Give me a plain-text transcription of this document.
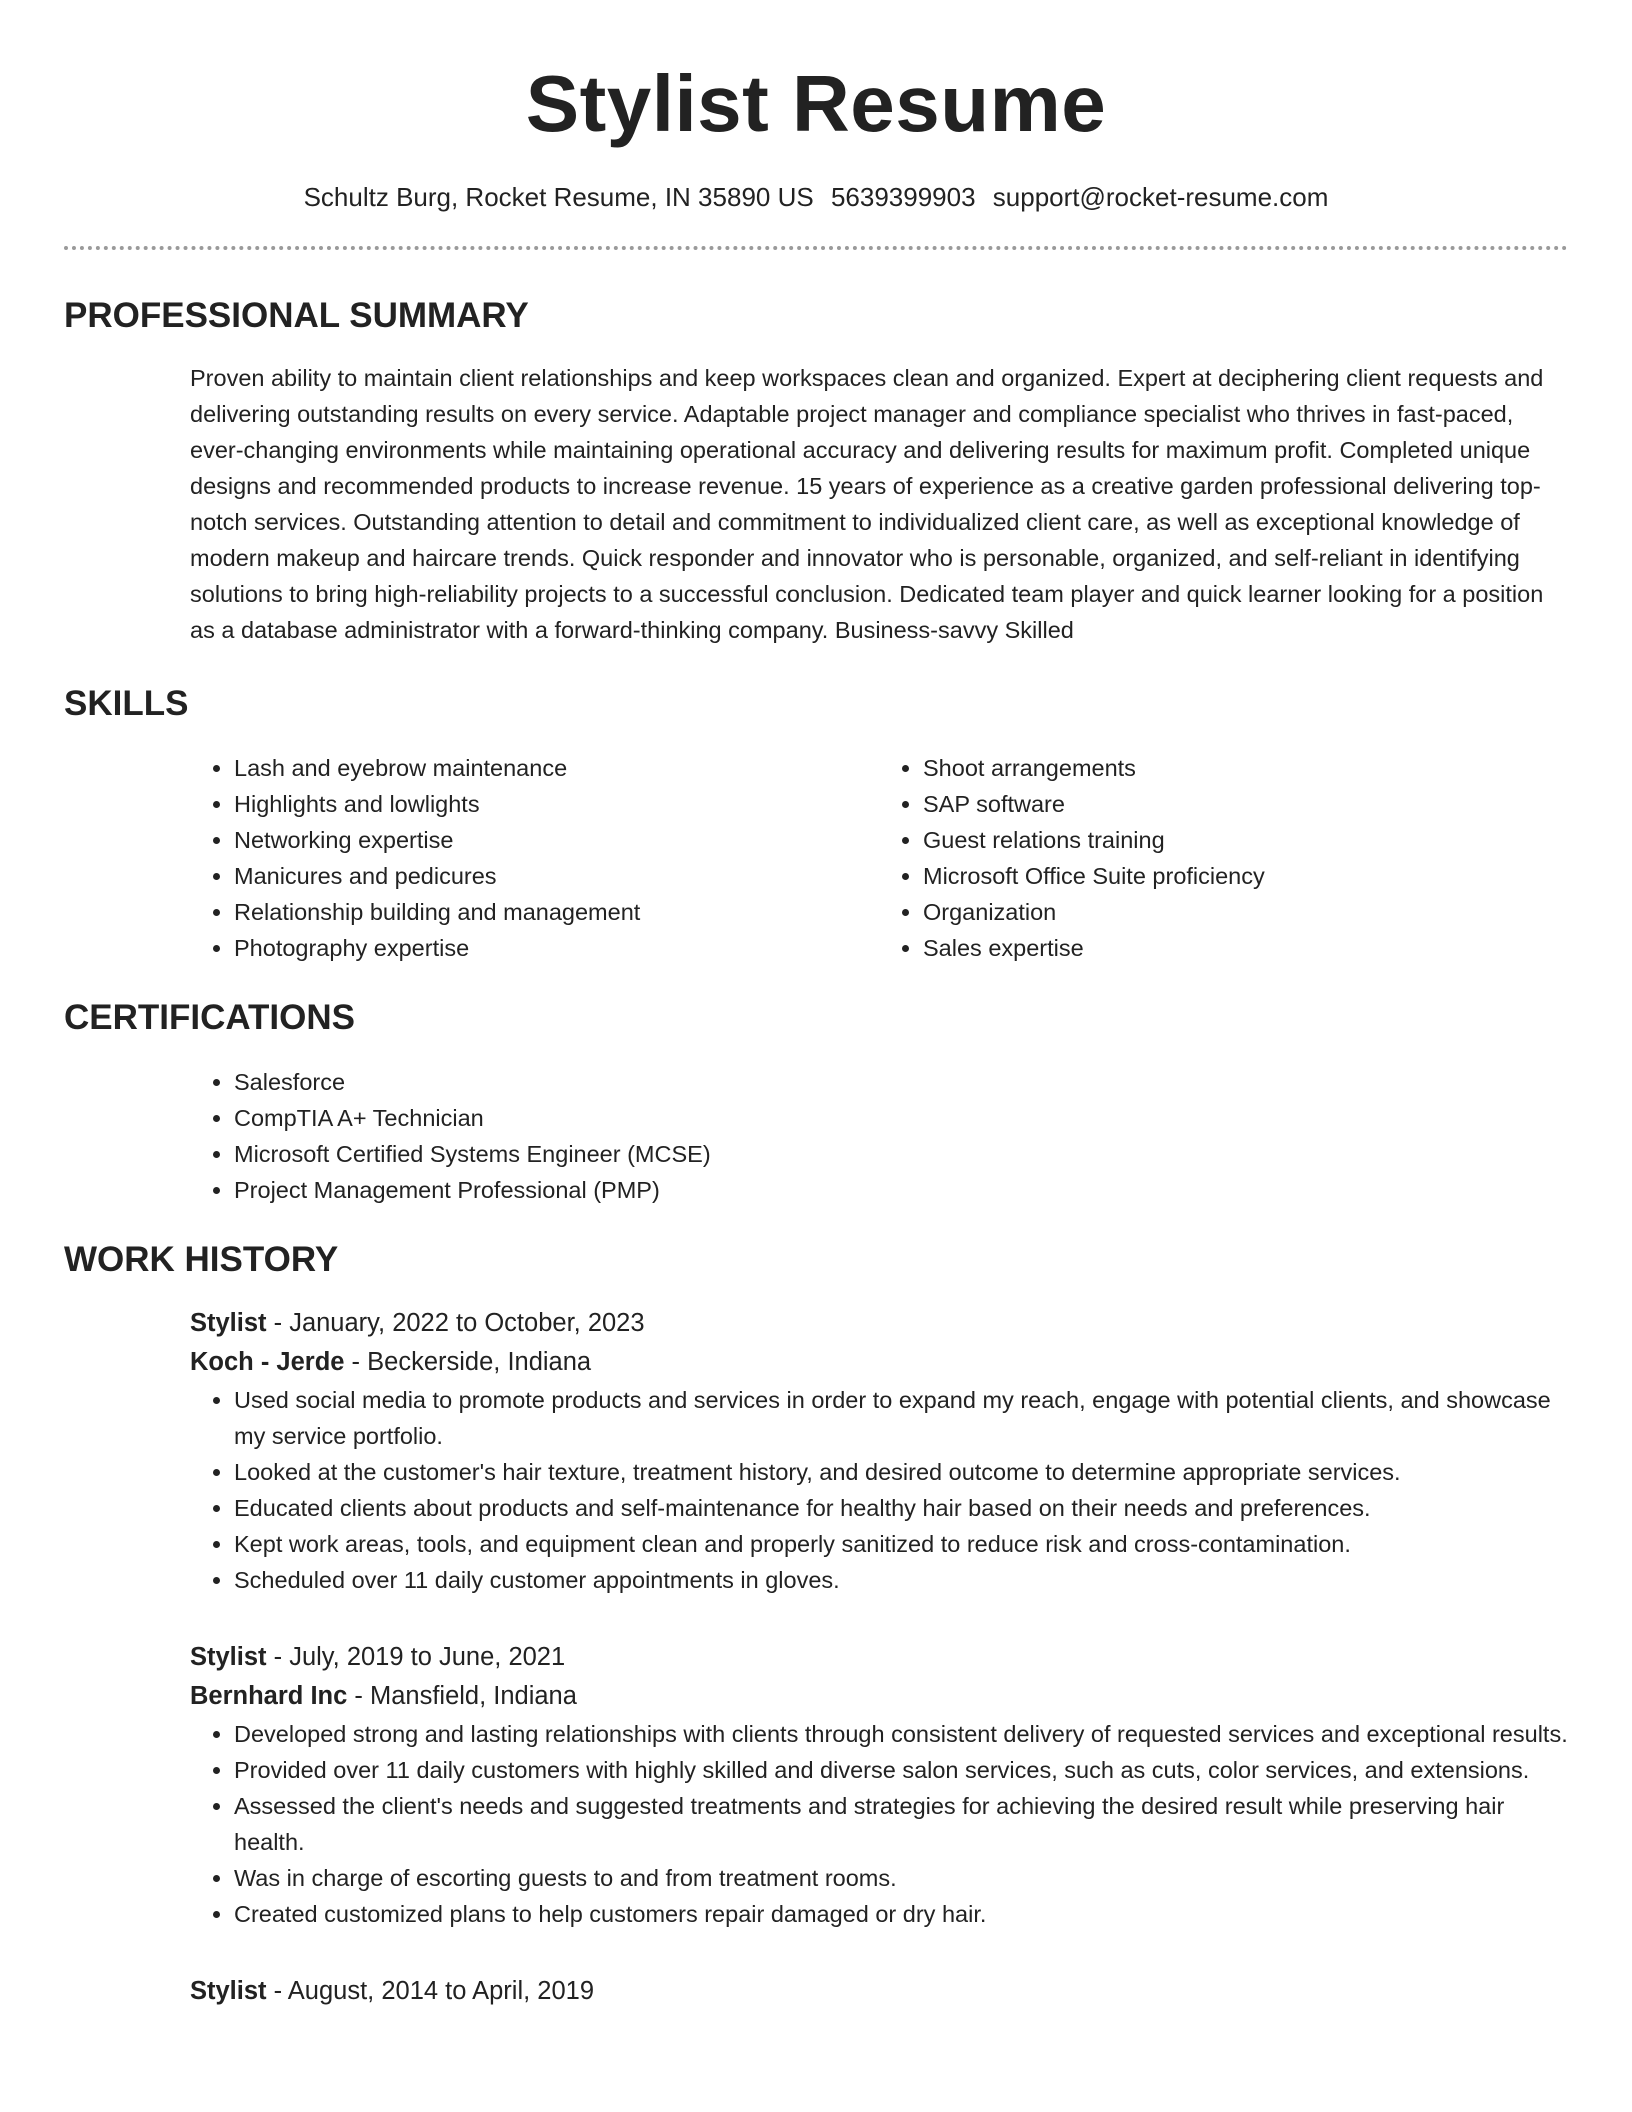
Stylist Resume
Schultz Burg, Rocket Resume, IN 35890 US 5639399903 support@rocket-resume.com
PROFESSIONAL SUMMARY

Proven ability to maintain client relationships and keep workspaces clean and organized. Expert at deciphering client requests and delivering outstanding results on every service. Adaptable project manager and compliance specialist who thrives in fast-paced, ever-changing environments while maintaining operational accuracy and delivering results for maximum profit. Completed unique designs and recommended products to increase revenue. 15 years of experience as a creative garden professional delivering top-notch services. Outstanding attention to detail and commitment to individualized client care, as well as exceptional knowledge of modern makeup and haircare trends. Quick responder and innovator who is personable, organized, and self-reliant in identifying solutions to bring high-reliability projects to a successful conclusion. Dedicated team player and quick learner looking for a position as a database administrator with a forward-thinking company. Business-savvy Skilled

SKILLS
• Lash and eyebrow maintenance
• Highlights and lowlights
• Networking expertise
• Manicures and pedicures
• Relationship building and management
• Photography expertise
• Shoot arrangements
• SAP software
• Guest relations training
• Microsoft Office Suite proficiency
• Organization
• Sales expertise
CERTIFICATIONS
• Salesforce
• CompTIA A+ Technician
• Microsoft Certified Systems Engineer (MCSE)
• Project Management Professional (PMP)
WORK HISTORY
Stylist - January, 2022 to October, 2023
Koch - Jerde - Beckerside, Indiana
• Used social media to promote products and services in order to expand my reach, engage with potential clients, and showcase my service portfolio.
• Looked at the customer's hair texture, treatment history, and desired outcome to determine appropriate services.
• Educated clients about products and self-maintenance for healthy hair based on their needs and preferences.
• Kept work areas, tools, and equipment clean and properly sanitized to reduce risk and cross-contamination.
• Scheduled over 11 daily customer appointments in gloves.
Stylist - July, 2019 to June, 2021
Bernhard Inc - Mansfield, Indiana
• Developed strong and lasting relationships with clients through consistent delivery of requested services and exceptional results.
• Provided over 11 daily customers with highly skilled and diverse salon services, such as cuts, color services, and extensions.
• Assessed the client's needs and suggested treatments and strategies for achieving the desired result while preserving hair health.
• Was in charge of escorting guests to and from treatment rooms.
• Created customized plans to help customers repair damaged or dry hair.
Stylist - August, 2014 to April, 2019
